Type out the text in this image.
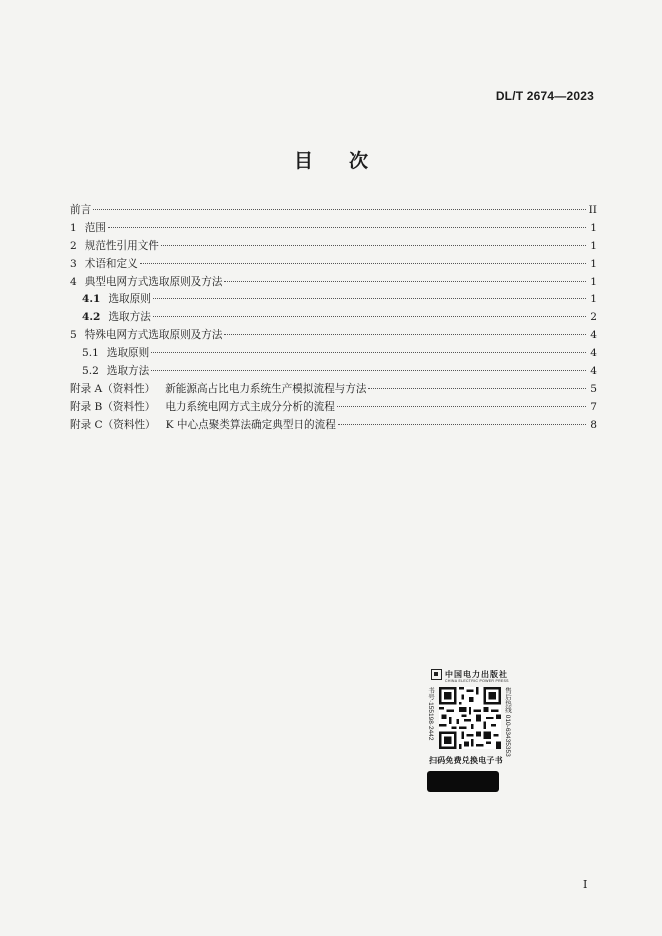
DL/T 2674—2023
目次
前言	II
1 范围	1
2 规范性引用文件	1
3 术语和定义	1
4 典型电网方式选取原则及方法	1
4.1 选取原则	1
4.2 选取方法	2
5 特殊电网方式选取原则及方法	4
5.1 选取原则	4
5.2 选取方法	4
附录 A（资料性） 新能源高占比电力系统生产模拟流程与方法	5
附录 B（资料性） 电力系统电网方式主成分分析的流程	7
附录 C（资料性） K 中心点聚类算法确定典型日的流程	8
中国电力出版社
CHINA ELECTRIC POWER PRESS
书号·155198·2442	售后热线 010-63435353
扫码免费兑换电子书
I
